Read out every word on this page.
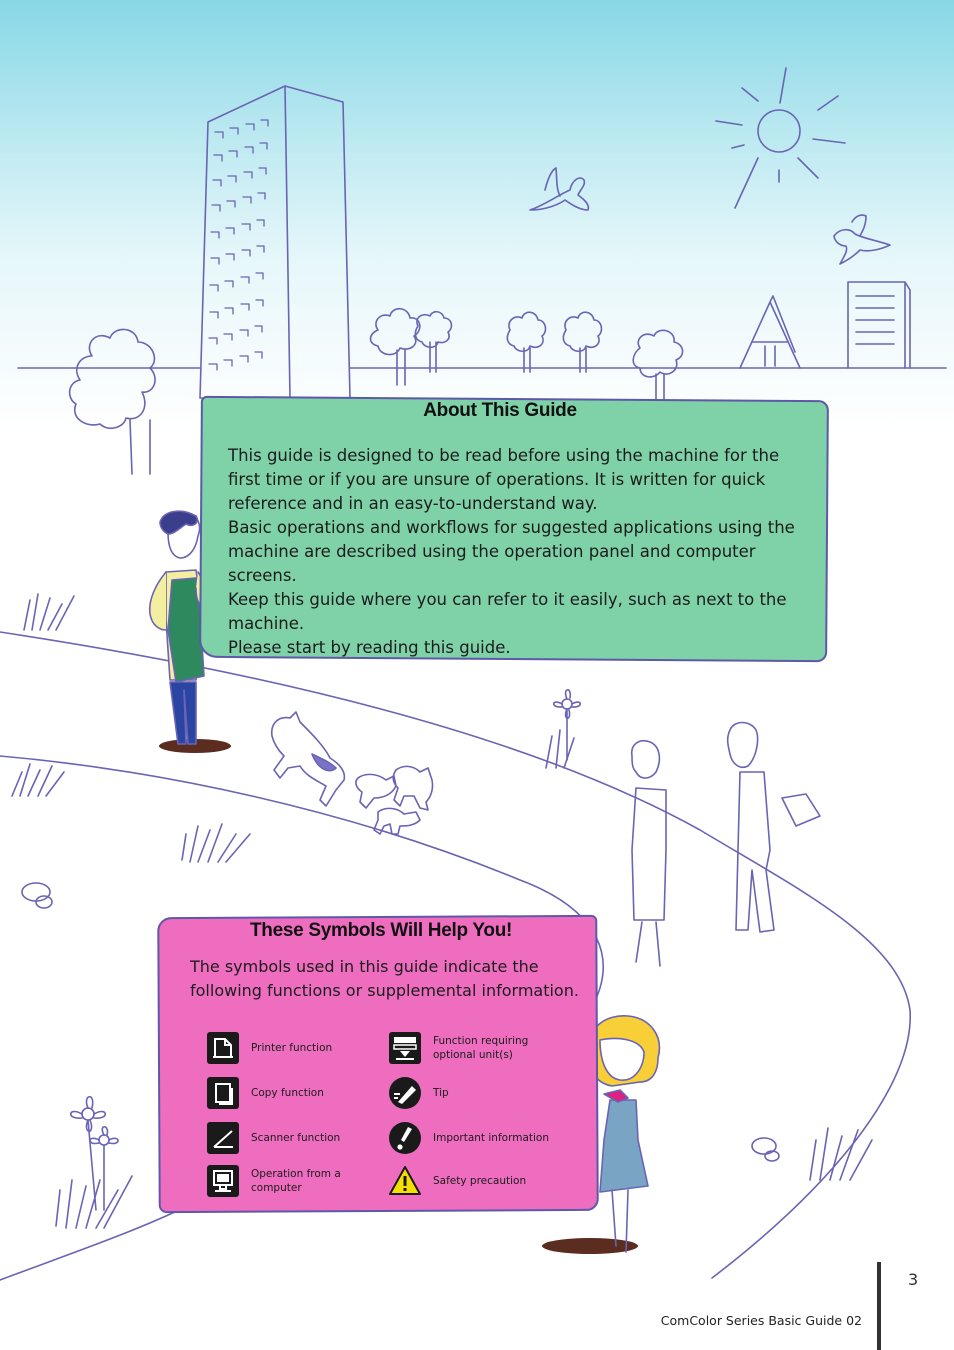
About This Guide

This guide is designed to be read before using the machine for the first time or if you are unsure of operations. It is written for quick reference and in an easy-to-understand way.

Basic operations and workflows for suggested applications using the machine are described using the operation panel and computer screens.

Keep this guide where you can refer to it easily, such as next to the machine.

Please start by reading this guide.

These Symbols Will Help You!
The symbols used in this guide indicate the following functions or supplemental information.
Printer function
Copy function
Scanner function
Operation from a computer
Function requiring optional unit(s)
Tip
Important information
Safety precaution
3
ComColor Series Basic Guide 02
